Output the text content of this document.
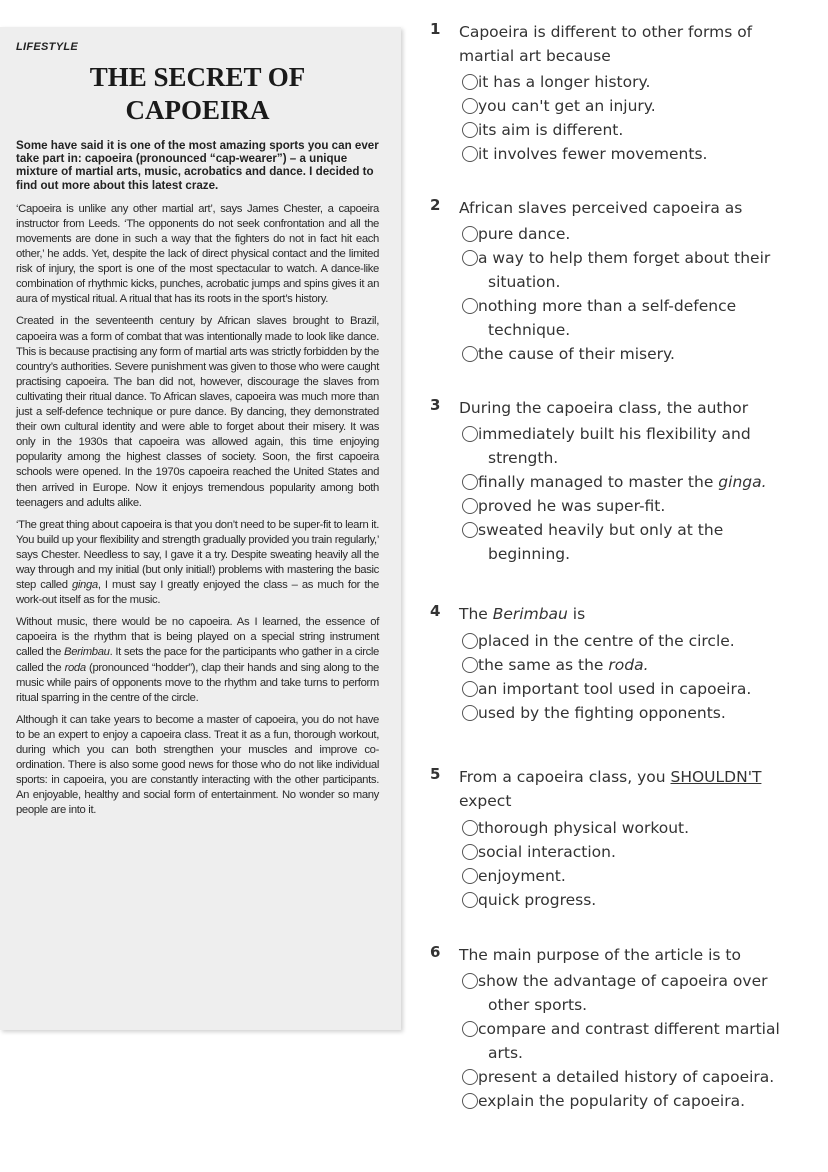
LIFESTYLE
THE SECRET OF
CAPOEIRA
Some have said it is one of the most amazing sports you can ever take part in: capoeira (pronounced “cap-wearer”) – a unique mixture of martial arts, music, acrobatics and dance. I decided to find out more about this latest craze.
‘Capoeira is unlike any other martial art’, says James Chester, a capoeira instructor from Leeds. ‘The opponents do not seek confrontation and all the movements are done in such a way that the fighters do not in fact hit each other,’ he adds. Yet, despite the lack of direct physical contact and the limited risk of injury, the sport is one of the most spectacular to watch. A dance-like combination of rhythmic kicks, punches, acrobatic jumps and spins gives it an aura of mystical ritual. A ritual that has its roots in the sport’s history.
Created in the seventeenth century by African slaves brought to Brazil, capoeira was a form of combat that was intentionally made to look like dance. This is because practising any form of martial arts was strictly forbidden by the country’s authorities. Severe punishment was given to those who were caught practising capoeira. The ban did not, however, discourage the slaves from cultivating their ritual dance. To African slaves, capoeira was much more than just a self-defence technique or pure dance. By dancing, they demonstrated their own cultural identity and were able to forget about their misery. It was only in the 1930s that capoeira was allowed again, this time enjoying popularity among the highest classes of society. Soon, the first capoeira schools were opened. In the 1970s capoeira reached the United States and then arrived in Europe. Now it enjoys tremendous popularity among both teenagers and adults alike.
‘The great thing about capoeira is that you don’t need to be super-fit to learn it. You build up your flexibility and strength gradually provided you train regularly,’ says Chester. Needless to say, I gave it a try. Despite sweating heavily all the way through and my initial (but only initial!) problems with mastering the basic step called ginga, I must say I greatly enjoyed the class – as much for the work-out itself as for the music.
Without music, there would be no capoeira. As I learned, the essence of capoeira is the rhythm that is being played on a special string instrument called the Berimbau. It sets the pace for the participants who gather in a circle called the roda (pronounced “hodder”), clap their hands and sing along to the music while pairs of opponents move to the rhythm and take turns to perform ritual sparring in the centre of the circle.
Although it can take years to become a master of capoeira, you do not have to be an expert to enjoy a capoeira class. Treat it as a fun, thorough workout, during which you can both strengthen your muscles and improve co-ordination. There is also some good news for those who do not like individual sports: in capoeira, you are constantly interacting with the other participants. An enjoyable, healthy and social form of entertainment. No wonder so many people are into it.
1 Capoeira is different to other forms of martial art because
it has a longer history.
you can't get an injury.
its aim is different.
it involves fewer movements.
2 African slaves perceived capoeira as
pure dance.
a way to help them forget about their situation.
nothing more than a self-defence technique.
the cause of their misery.
3 During the capoeira class, the author
immediately built his flexibility and strength.
finally managed to master the ginga.
proved he was super-fit.
sweated heavily but only at the beginning.
4 The Berimbau is
placed in the centre of the circle.
the same as the roda.
an important tool used in capoeira.
used by the fighting opponents.
5 From a capoeira class, you SHOULDN'T expect
thorough physical workout.
social interaction.
enjoyment.
quick progress.
6 The main purpose of the article is to
show the advantage of capoeira over other sports.
compare and contrast different martial arts.
present a detailed history of capoeira.
explain the popularity of capoeira.
